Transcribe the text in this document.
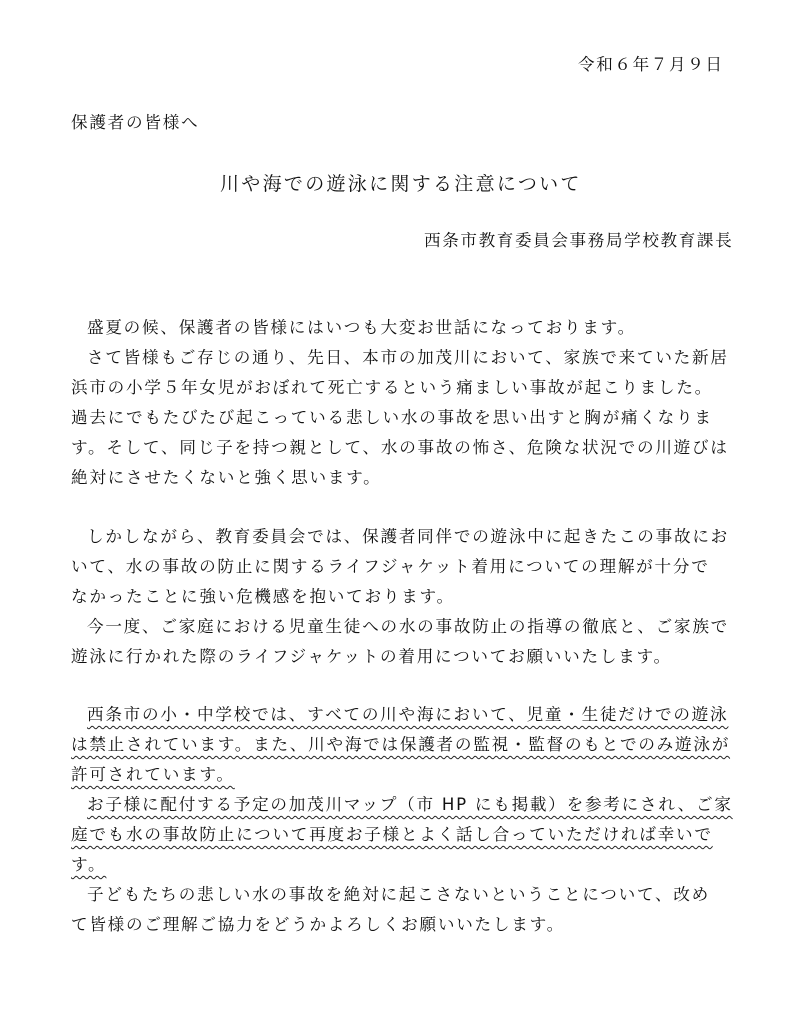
令和６年７月９日
保護者の皆様へ
川や海での遊泳に関する注意について
西条市教育委員会事務局学校教育課長
盛夏の候、保護者の皆様にはいつも大変お世話になっております。
さて皆様もご存じの通り、先日、本市の加茂川において、家族で来ていた新居
浜市の小学５年女児がおぼれて死亡するという痛ましい事故が起こりました。
過去にでもたびたび起こっている悲しい水の事故を思い出すと胸が痛くなりま
す。そして、同じ子を持つ親として、水の事故の怖さ、危険な状況での川遊びは
絶対にさせたくないと強く思います。
しかしながら、教育委員会では、保護者同伴での遊泳中に起きたこの事故にお
いて、水の事故の防止に関するライフジャケット着用についての理解が十分で
なかったことに強い危機感を抱いております。
今一度、ご家庭における児童生徒への水の事故防止の指導の徹底と、ご家族で
遊泳に行かれた際のライフジャケットの着用についてお願いいたします。
西条市の小・中学校では、すべての川や海において、児童・生徒だけでの遊泳
は禁止されています。また、川や海では保護者の監視・監督のもとでのみ遊泳が
許可されています。
お子様に配付する予定の加茂川マップ（市 HP にも掲載）を参考にされ、ご家
庭でも水の事故防止について再度お子様とよく話し合っていただければ幸いで
す。
子どもたちの悲しい水の事故を絶対に起こさないということについて、改め
て皆様のご理解ご協力をどうかよろしくお願いいたします。
